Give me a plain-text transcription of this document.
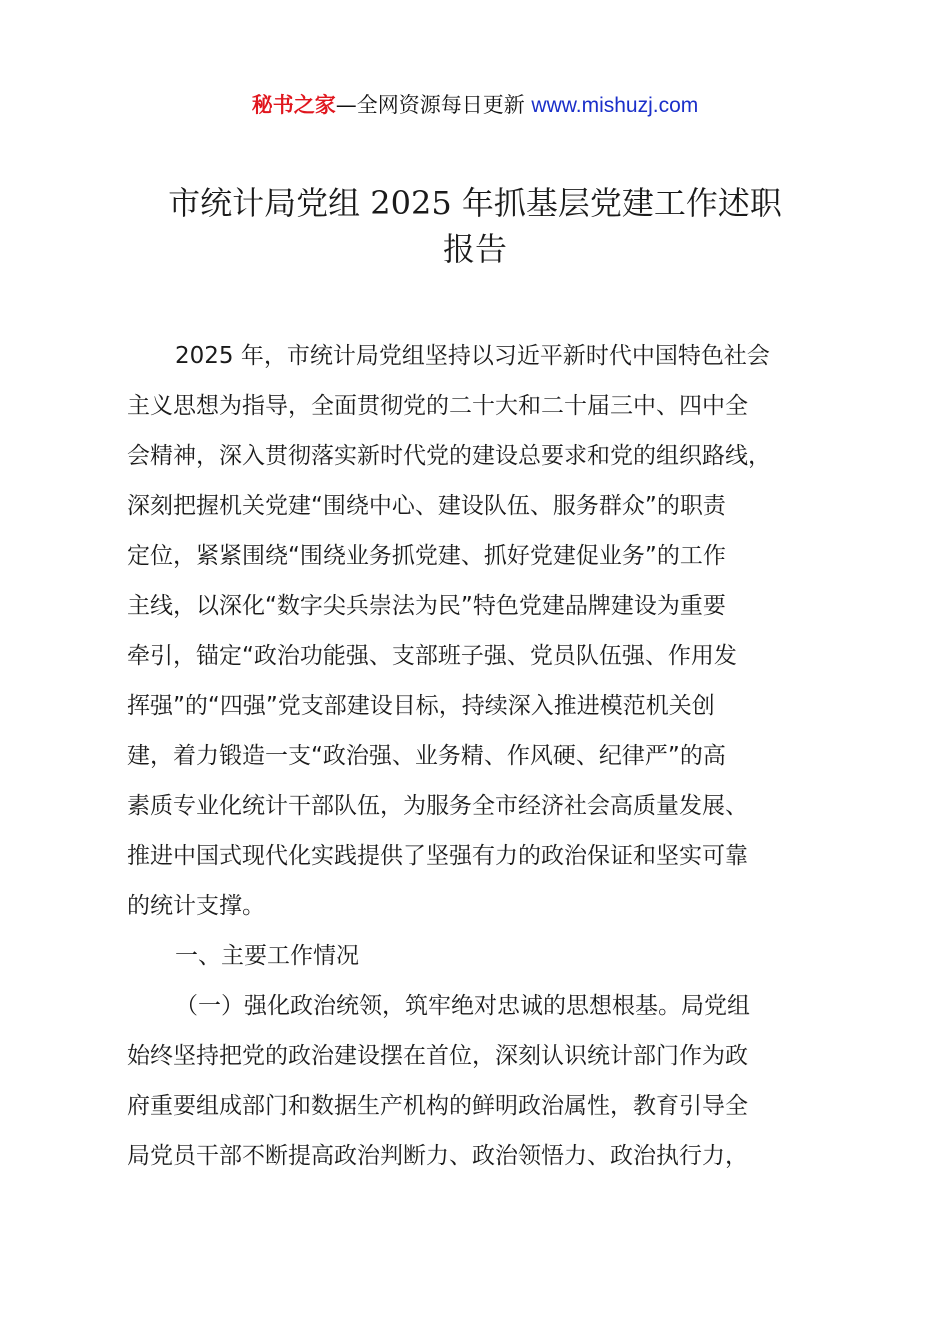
秘书之家—全网资源每日更新 www.mishuzj.com
市统计局党组 2025 年抓基层党建工作述职
报告
2025 年，市统计局党组坚持以习近平新时代中国特色社会
主义思想为指导，全面贯彻党的二十大和二十届三中、四中全
会精神，深入贯彻落实新时代党的建设总要求和党的组织路线，
深刻把握机关党建“围绕中心、建设队伍、服务群众”的职责
定位，紧紧围绕“围绕业务抓党建、抓好党建促业务”的工作
主线，以深化“数字尖兵崇法为民”特色党建品牌建设为重要
牵引，锚定“政治功能强、支部班子强、党员队伍强、作用发
挥强”的“四强”党支部建设目标，持续深入推进模范机关创
建，着力锻造一支“政治强、业务精、作风硬、纪律严”的高
素质专业化统计干部队伍，为服务全市经济社会高质量发展、
推进中国式现代化实践提供了坚强有力的政治保证和坚实可靠
的统计支撑。
一、主要工作情况
（一）强化政治统领，筑牢绝对忠诚的思想根基。局党组
始终坚持把党的政治建设摆在首位，深刻认识统计部门作为政
府重要组成部门和数据生产机构的鲜明政治属性，教育引导全
局党员干部不断提高政治判断力、政治领悟力、政治执行力，
